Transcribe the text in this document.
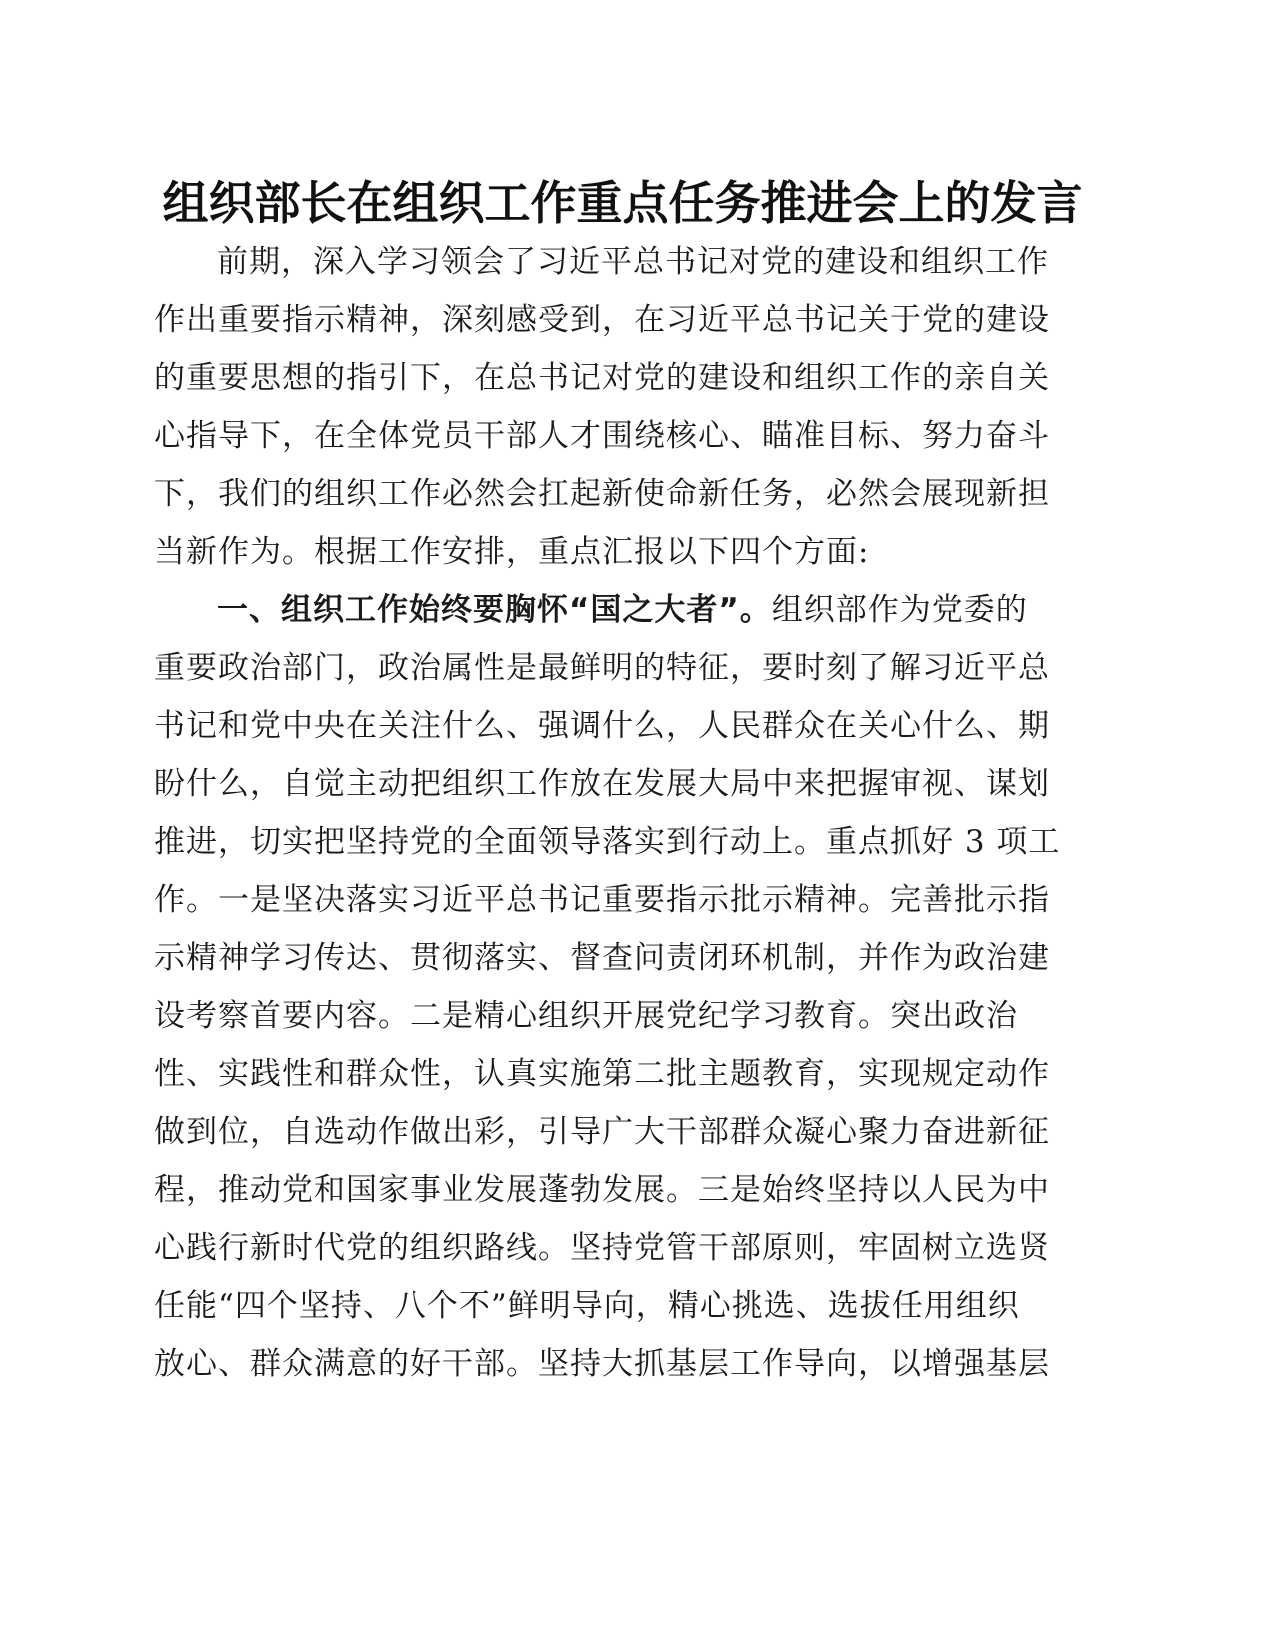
组织部长在组织工作重点任务推进会上的发言
前期，深入学习领会了习近平总书记对党的建设和组织工作
作出重要指示精神，深刻感受到，在习近平总书记关于党的建设
的重要思想的指引下，在总书记对党的建设和组织工作的亲自关
心指导下，在全体党员干部人才围绕核心、瞄准目标、努力奋斗
下，我们的组织工作必然会扛起新使命新任务，必然会展现新担
当新作为。根据工作安排，重点汇报以下四个方面:
一、组织工作始终要胸怀“国之大者”。组织部作为党委的
重要政治部门，政治属性是最鲜明的特征，要时刻了解习近平总
书记和党中央在关注什么、强调什么，人民群众在关心什么、期
盼什么，自觉主动把组织工作放在发展大局中来把握审视、谋划
推进，切实把坚持党的全面领导落实到行动上。重点抓好 3 项工
作。一是坚决落实习近平总书记重要指示批示精神。完善批示指
示精神学习传达、贯彻落实、督查问责闭环机制，并作为政治建
设考察首要内容。二是精心组织开展党纪学习教育。突出政治
性、实践性和群众性，认真实施第二批主题教育，实现规定动作
做到位，自选动作做出彩，引导广大干部群众凝心聚力奋进新征
程，推动党和国家事业发展蓬勃发展。三是始终坚持以人民为中
心践行新时代党的组织路线。坚持党管干部原则，牢固树立选贤
任能“四个坚持、八个不”鲜明导向，精心挑选、选拔任用组织
放心、群众满意的好干部。坚持大抓基层工作导向，以增强基层
